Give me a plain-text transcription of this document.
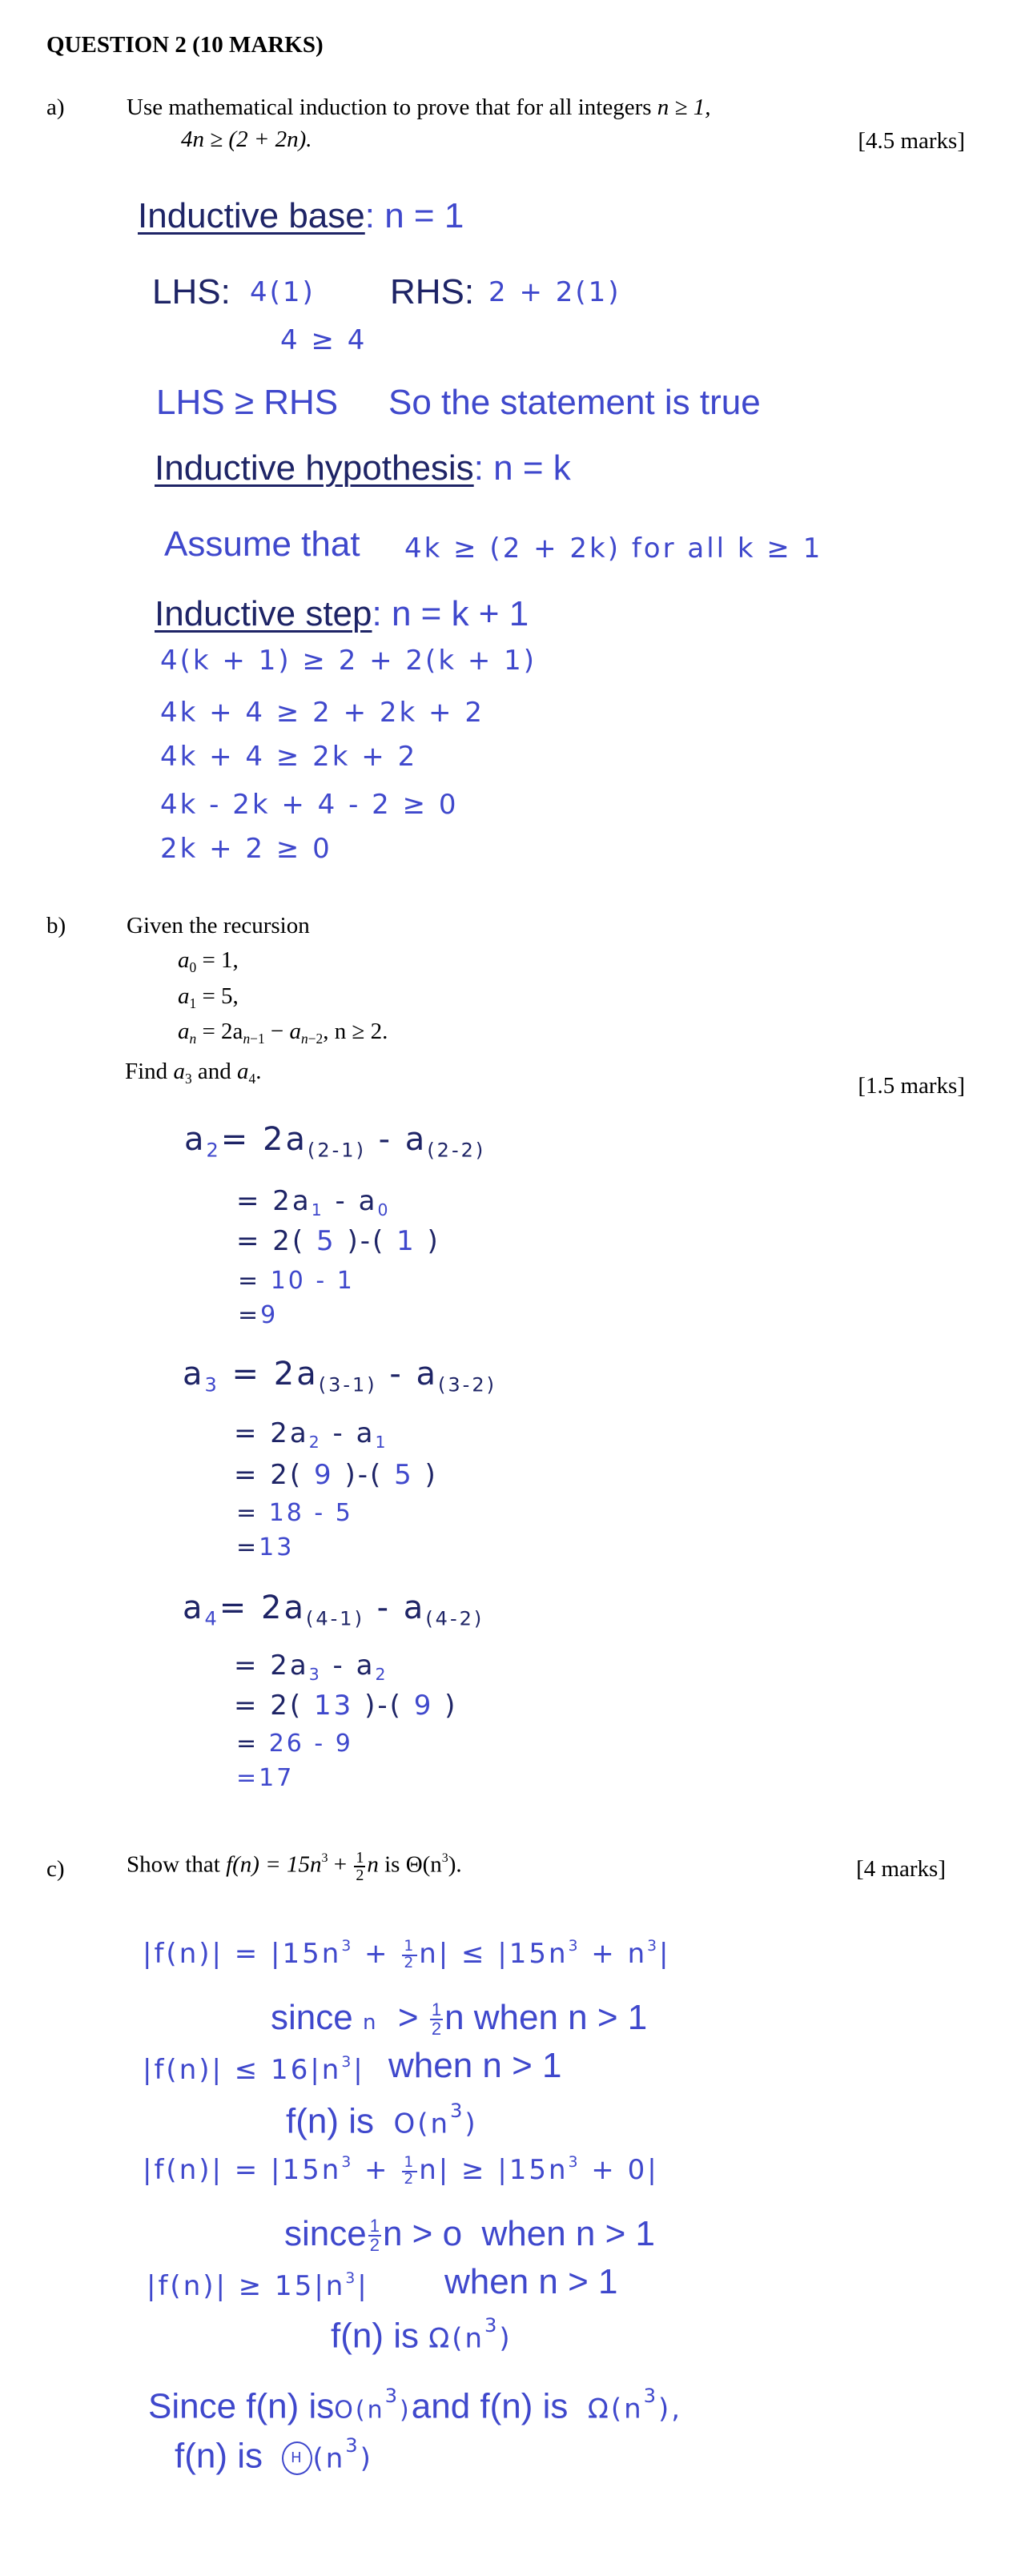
QUESTION 2 (10 MARKS)
a)	Use mathematical induction to prove that for all integers n ≥ 1,
4n ≥ (2 + 2n).	[4.5 marks]
Inductive base: n = 1
LHS: 4(1) RHS: 2 + 2(1)
4 ≥ 4
LHS ≥ RHS So the statement is true
Inductive hypothesis: n = k
Assume that 4k ≥ (2 + 2k) for all k ≥ 1
Inductive step: n = k + 1
4(k + 1) ≥ 2 + 2(k + 1)
4k + 4 ≥ 2 + 2k + 2
4k + 4 ≥ 2k + 2
4k - 2k + 4 - 2 ≥ 0
2k + 2 ≥ 0
b)	Given the recursion
$a_0 = 1$,
$a_1 = 5$,
$a_n = 2a_{n-1} - a_{n-2}$, n ≥ 2.
Find $a_3$ and $a_4$.
[1.5 marks]
$a_2= 2a_{(2-1)} - a_{(2-2)}$
= $2a_1 - a_0$
= 2( 5 )-( 1 )
= 10 - 1
=9
$a_3 = 2a_{(3-1)} - a_{(3-2)}$
= $2a_2 - a_1$
= 2( 9 )-( 5 )
= 18 - 5
=13
$a_4= 2a_{(4-1)} - a_{(4-2)}$
= $2a_3 - a_2$
= 2( 13 )-( 9 )
= 26 - 9
=17
c)	Show that $f(n) = 15n^3 + \frac{1}{2}$ n is $\Theta(n^3)$.	[4 marks]
$|f(n)| = |15n^3 + \frac{1}{2} n| \le |15n^3 + n^3|$
since $n > \frac{1}{2}$ n when n > 1
$|f(n)| \le 16|n^3|$ when n > 1
f(n) is $O(n^3)$
$|f(n)| = |15n^3 + \frac{1}{2} n| \ge |15n^3 + 0|$
since $\frac{1}{2}$ n > o when n > 1
$|f(n)| \ge 15|n^3|$ when n > 1
f(n) is $\Omega(n^3)$
Since f(n) $isO(n^3)and$ f(n) is $\Omega(n^3)$,
f(n) is H $(n^3)$
